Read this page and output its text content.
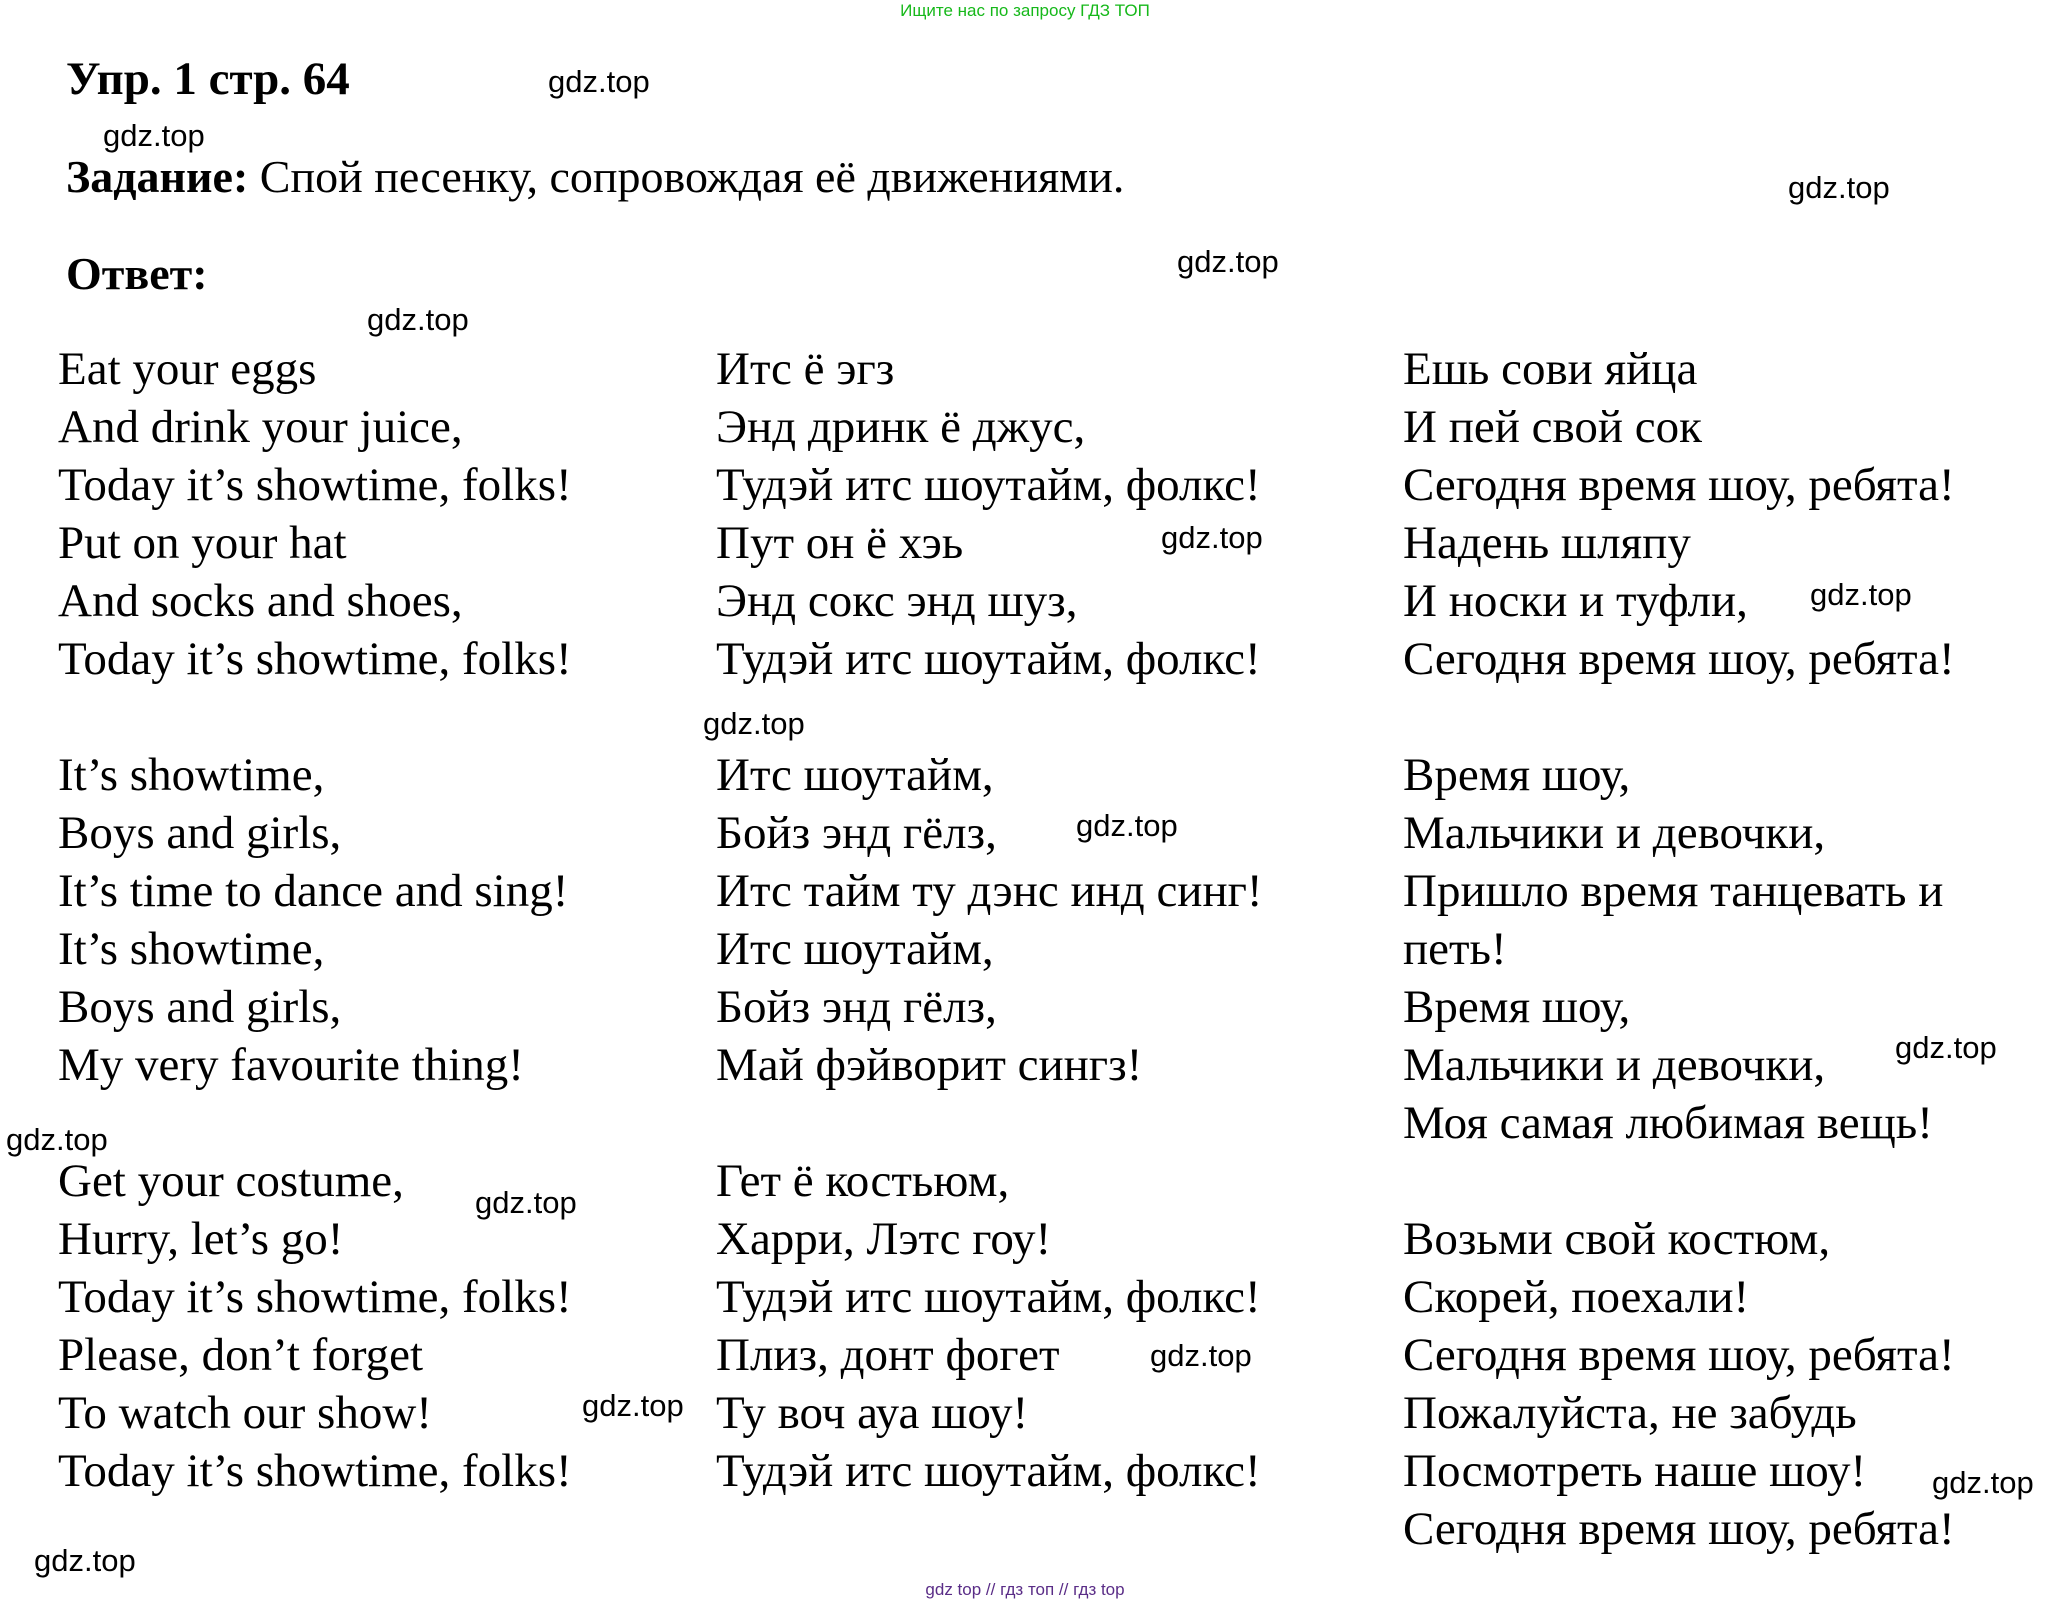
Ищите нас по запросу ГДЗ ТОП
Упр. 1 стр. 64
Задание: Спой песенку, сопровождая её движениями.
Ответ:
Eat your eggs
And drink your juice,
Today it’s showtime, folks!
Put on your hat
And socks and shoes,
Today it’s showtime, folks!
It’s showtime,
Boys and girls,
It’s time to dance and sing!
It’s showtime,
Boys and girls,
My very favourite thing!
Get your costume,
Hurry, let’s go!
Today it’s showtime, folks!
Please, don’t forget
To watch our show!
Today it’s showtime, folks!
Итс ё эгз
Энд дринк ё джус,
Тудэй итс шоутайм, фолкс!
Пут он ё хэь
Энд сокс энд шуз,
Тудэй итс шоутайм, фолкс!
Итс шоутайм,
Бойз энд гёлз,
Итс тайм ту дэнс инд синг!
Итс шоутайм,
Бойз энд гёлз,
Май фэйворит сингз!
Гет ё костьюм,
Харри, Лэтс гоу!
Тудэй итс шоутайм, фолкс!
Плиз, донт фогет
Ту воч ауа шоу!
Тудэй итс шоутайм, фолкс!
Ешь сови яйца
И пей свой сок
Сегодня время шоу, ребята!
Надень шляпу
И носки и туфли,
Сегодня время шоу, ребята!
Время шоу,
Мальчики и девочки,
Пришло время танцевать и
петь!
Время шоу,
Мальчики и девочки,
Моя самая любимая вещь!
Возьми свой костюм,
Скорей, поехали!
Сегодня время шоу, ребята!
Пожалуйста, не забудь
Посмотреть наше шоу!
Сегодня время шоу, ребята!
gdz.top
gdz.top
gdz.top
gdz.top
gdz.top
gdz.top
gdz.top
gdz.top
gdz.top
gdz.top
gdz.top
gdz.top
gdz.top
gdz.top
gdz.top
gdz.top
gdz top // гдз топ // гдз top
